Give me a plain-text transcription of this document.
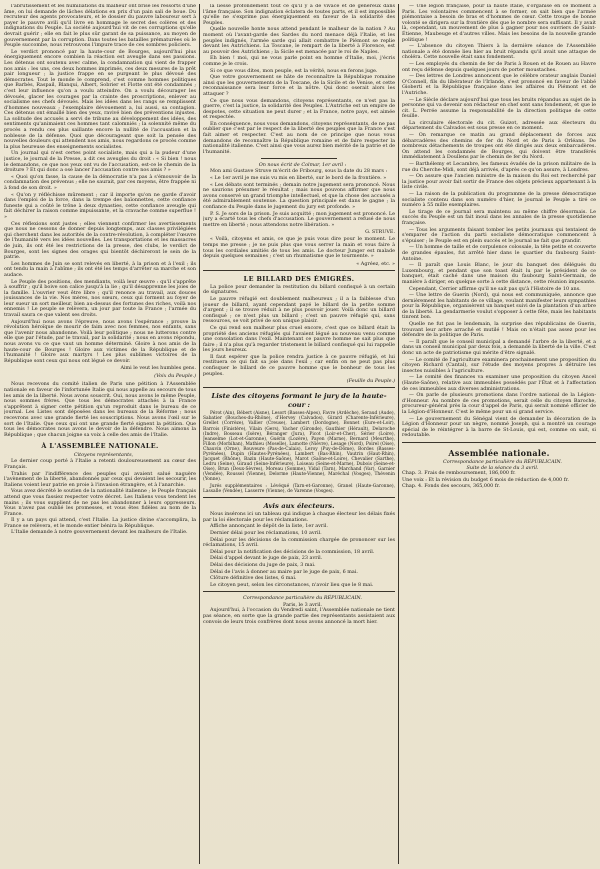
l'abrutissement et les humiliations du malheur ont brisé les ressorts d'une âme, on lui demande de lâches délations en prix d'un pain sali de boue. Du recruteur des agents provocateurs, et le dossier du pauvre laboureur sert à payer le pauvre avili qu'il livre en hommage le secret des colères et des indignations du Peuple. La société aujourd'hui vit de ces corruptions qu'elle devrait guérir ; elle en fait le plus sûr garant de sa puissance, au moyen de gouvernement par la corruption. Dans toutes les batailles prématurées où le Peuple succombe, nous retrouvons l'impure trace de ces sombres policiers.

Le verdict prononcé par la haute-cour de Bourges, aujourd'hui plus énergiquement encore combien la réaction est aveugle dans ses passions. Les détenus ont soutenu avec calme, la condamnation qui vient de frapper nos amis : les uns, ces deux hommes imprimés, ces deux mesures de la prêt pair longueur ; la justice frappe en se purgeant le plus dévoué des démocrates. Tout le monde le comprend, c'est comme hommes politiques que Barbès, Raspail, Blanqui, Albert, Sobrier et Flotte ont été condamnés ; c'est leur influence qu'on a voulu atteindre. On a voulu décourager les dévoués, glacer les courages par la crainte des proscriptions, enlever au socialisme ses chefs dévoués. Mais les idées dans les rangs se remplissent d'hommes nouveaux ; l'exemplaire dévouement a, lui aussi, sa contagion. Ces détenus ont émaillé bien des yeux, ravivé bien des préventions injustes. La solitude des accusés a servi de tribune au développement des idées, des sentiments qu'animaient ces hommes tant calomniés ; la solennité même du procès a rendu ces plus saillante encore la nullité de l'accusation et la noblesse de la défense. Quoi que décourageant que soit la pensée des nouvelles douleurs qui attendent nos amis, nous regardons ce procès comme la plus heureuse des enseignements socialistes.

Un journal qui n'est certes point socialiste, mais qui a la pudeur d'une justice, le journal de la Presse, a dit ces aveugles du droit : « Si bien ! nous le demandons, ce que nos yeux ont vu de l'accusation, est-ce le chemin de la droiture ? Et qui donc a osé lancer l'accusation contre nos amis ? »

« Quoi qu'on fasse, la cause de la démocratie n'a pas à s'émouvoir de la condamnation des prévenus ; elle ne saurait, par ces moyens, être frappée ni à fond de son droit. »

« Qu'on y réfléchisse mûrement ; car il importe qu'on ne garde d'avoir dans l'emploi de la force, dans la trempe des baïonnettes, cette confiance funeste qui a coûté le trône à deux dynasties, cette confiance aveugle qui fait déchirer la raison comme impuissante, et la cravache comme superflue ! »

Ces réflexions sont justes ; elles viennent confirmer les avertissements que nous ne cessons de donner depuis longtemps, aux classes privilégiées qui cherchent dans les autorités de la contre-révolution, à compléter l'œuvre de l'humanité vers les idées nouvelles. Les transportations et les massacres de juin, ils ont été les restrictions de la presse, des clubs, le verdict de Bourges, sont les signes des orages qui bientôt déchireront le sein de la patrie.

Les hommes de Juin se sont relevés en liberté, à la prison et à l'exil ; ils ont tendu la main à l'abîme ; ils ont été les temps d'arrêter sa marche et son audace.

Le Peuple des positions, des mendiants, voilà leur œuvre : qu'il s'apprête à souffrir ; qu'il boive son calice jusqu'à la lie ; qu'il désapprenne les joies de la famille. L'ouvrier veut être libre ; qu'il renonce au travail, aux douces jouissances de la vie. Nos mères, nos sœurs, ceux qui forment au foyer de leur sueur un sort meilleur, bien au-dessus des fortunes des riches, voilà nos ennemis ! Le peuple se relèvera, un jour par toute la France ; l'armée du travail saura ce que valent ses droits.

Aujourd'hui nous avons l'épreuve, nous avons l'espérance ; prouve la révolution héroïque de mourir de faim avec nos femmes, nos enfants, sans que l'avenir nous abandonne. Voilà leur politique ; nous ne lutterons contre elle que par l'étude, par le travail, par la solidarité ; nous en avons répondu, nous avons vu ce que vaut un homme déterminé. Gloire à nos amis de la haute-cour de Bourges ! Gloire aux victimes de la République et de l'humanité ! Gloire aux martyrs ! Les plus sublimes victoires de la République sont ceux qui nous ont légué ce devoir.

Aimi le veut les humbles gens.

(Voix du Peuple.)

Nous recevons du comité italien de Paris une pétition à l'Assemblée nationale en faveur de l'infortunée Italie qui nous appelle au secours de tous les amis de la liberté. Nous avons souscrit. Oui, nous avons le même Peuple, nous sommes frères. Que tous les démocrates attachés à la France s'apprêtent à signer cette pétition qu'un reproduit dans le bureau de ce journal. Les Listes sont déposées dans les bureaux de la Réforme ; nous recevrons avec une grande fierté les souscriptions. Nous avons l'œil sur le sort de l'Italie. Que ceux qui ont une grande fierté signent la pétition. Que tous les démocrates nous avons le devoir de la défendre. Nous aimons la République ; que chacun joigne sa voix à celle des amis de l'Italie.

À L'ASSEMBLÉE NATIONALE.

Citoyens représentants,

Le dernier coup porté à l'Italie a retenti douloureusement au cœur des Français.

Trahis par l'indifférence des peuples qui avaient salué naguère l'avènement de la liberté, abandonnés par ceux qui devaient les secourir, les Italiens voient leur patrie en proie à l'invasion étrangère, et à l'anarchie.

Vous avez décrété le soutien de la nationalité italienne ; le Peuple français attend que vous fassiez respecter votre décret. Les Italiens vous tendent les mains ; ils vous supplient de ne pas les abandonner à leurs oppresseurs. Vous n'avez pas oublié les promesses, et vous êtes fidèles au nom de la France.

Il y a un pays qui attend, c'est l'Italie. La justice divine s'accomplira, la France se relèvera, et le monde entier bénira la République.

L'Italie demande à notre gouvernement devant les malheurs de l'Italie.

la liesse profondément tout ce qu'il y a de vivace et de généreux dans l'âme française. Son indignation éclatera de toutes parts, et il est impossible qu'elle ne s'exprime pas énergiquement en faveur de la solidarité des Peuples.

Quelle nouvelle honte nous attend pendant le malheur de la nation ? Au moment où l'avant-garde des Sardes du nord menace déjà l'Italie, et les peuples indignés, l'armée sarde qui allait combattre le Piémont se replie devant les Autrichiens. La Toscane, le rempart de la liberté à Florence, est au pouvoir des Autrichiens ; la Sicile est menacée par le roi de Naples.

Eh bien ! moi, qui ne vous parle point en homme d'Italie, moi, j'écris comme je le crois.

Si ce que vous dites, mon peuple, est la vérité, nous en ferons juge.

Que votre gouvernement se hâte de reconnaître la République romaine ainsi que les gouvernements de la Toscane, de la Sicile et de Venise, et cette reconnaissance sera leur force et la nôtre. Qui donc oserait alors les attaquer ?

Ce que nous vous demandons, citoyens représentants, ce n'est pas la guerre, c'est la justice, la solidarité des Peuples. L'Autriche est un empire de despotes, cette situation ne peut durer ; et la France, notre pays, est aimée et respectée.

En conséquence, nous vous demandons, citoyens représentants, de ne pas oublier que c'est par le respect de la liberté des peuples que la France s'est fait aimer et respecter. C'est au nom de ce principe que nous vous demandons de reconnaître la République romaine et de faire respecter la nationalité italienne. C'est ainsi que vous aurez bien mérité de la patrie et de l'humanité.

On nous écrit de Colmar, 1er avril :

Mon ami Gustave Struve m'écrit de Fribourg, sous la date du 28 mars :

« Le 1er avril je me suis vu mis en liberté, sur le bord de la frontière. »

« Les débats sont terminés ; demain notre jugement sera prononcé. Nous ne saurions présumer le résultat ; mais nous pouvons affirmer que nous avons conservé un grand triomphe intellectuel, et que la chose des accusés a été admirablement soutenue. La question principale est dans le gagne ; la confiance du Peuple dans le jugement du jury est profonde. »

P. S. Je sors de la prison. Je suis acquitté ; mon jugement est prononcé. Le jury a écarté tous les chefs d'accusation. Le gouvernement a refusé de nous mettre en liberté ; nous attendons notre libération. »

G. STRUVE.

« Voilà, citoyens et amis, ce que je puis vous dire pour le moment. Le temps me presse ; je ne puis plus que vous serrer la main et vous faire à tous les cordiales amitiés de tous les amis. Le docteur Junger est malade depuis quelques semaines ; c'est un rhumatisme que le tourmente. »

« Agréez, etc. »

LE BILLARD DES ÉMIGRÉS.

La police pour demander la restitution du billard confisqué à un certain de signatures.

Le pauvre réfugié est doublement malheureux ; il a la faiblesse d'un joueur de billard, ayant cependant payé le billard de la petite somme d'argent ; il se trouve réduit à ne plus pouvoir jouer. Voilà donc un billard confisqué ; ce n'est plus un billard ; c'est un pauvre réfugié qui, sans ressources, se voit privé de son unique plaisir.

Ce qui rend son malheur plus cruel encore, c'est que ce billard était la propriété des anciens réfugiés qui l'avaient légué au nouveau venu comme une consolation dans l'exil. Maintenant ce pauvre homme ne sait plus que faire ; il n'a plus qu'à regarder tristement le billard confisqué qui lui rappelle les jours heureux.

Il faut espérer que la police rendra justice à ce pauvre réfugié, et lui restituera ce qui fait sa joie dans l'exil ; car enfin on ne peut pas plus confisquer le billard de ce pauvre homme que le bonheur de tous les peuples.

(Feuille du Peuple.)

Liste des citoyens formant le jury de la haute-cour :

Pérot (Ain), Bébert (Aisne), Lesort (Basses-Alpes), Favre (Ardèche), Seraud (Aude), Sabatier (Bouches-du-Rhône), d'Hervey (Calvados), Girard (Charente-Inférieure), Grellet (Corrèze), Vallier (Creuse), Lambert (Dordogne), Bonnet (Eure-et-Loir), Barrois (Finistère), Vilain (Gers), Vacher (Gironde), Gauthier (Hérault), Delaroche (Indre), Bosseau (Isère), Béranger (Jura), Picot (Loir-et-Cher), Sérier (Loire), Jeanselme (Lot-et-Garonne), Guérin (Lozère), Payen (Marne), Bernard (Meurthe), Fillon (Morbihan), Mathieu (Moselle), Lamotte (Nièvre), Lesage (Nord), Poirel (Oise), Chauvin (Orne), Rouveure (Pas-de-Calais), Leroy (Puy-de-Dôme), Bordes (Basses-Pyrénées), Dupin (Hautes-Pyrénées), Lambert (Bas-Rhin), Vautrin (Haut-Rhin), Jacquet (Rhône), Bazin (Haute-Saône), Marot (Saône-et-Loire), Chevalier (Sarthe), Ledru (Seine), Giraud (Seine-Inférieure), Loiseau (Seine-et-Marne), Dubois (Seine-et-Oise), Brun (Deux-Sèvres), Moreau (Somme), Vidal (Tarn), Marchand (Var), Garnier (Vendée), Roussel (Vienne), Delorme (Haute-Vienne), Maréchal (Vosges), Thévenin (Yonne).

Jurés supplémentaires : Lévéqué (Tarn-et-Garonne), Granel (Haute-Garonne), Lassalle (Vendée), Lasserre (Vienne), de Varenne (Vosges).

Avis aux électeurs.

Nous insérons ici un tableau qui indique à chaque électeur les délais fixés par la loi électorale pour les réclamations.

Affiche annonçant le dépôt de la liste, 1er avril.

Dernier délai pour les réclamations, 10 avril.

Délai pour les décisions de la commission chargée de prononcer sur les réclamations, 15 avril.

Délai pour la notification des décisions de la commission, 18 avril.

Délai d'appel devant le juge de paix, 23 avril.

Délai des décisions du juge de paix, 3 mai.

Délai de l'avis à donner au maire par le juge de paix, 6 mai.

Clôture définitive des listes, 6 mai.

Le citoyen peut, selon les circonstances, n'avoir lieu que le 8 mai.

Correspondance particulière du RÉPUBLICAIN.

Paris, le 3 avril.

Aujourd'hui, à l'occasion du Vendredi saint, l'Assemblée nationale ne tient pas séance, en sorte que la grande partie des représentants assistaient aux convois de leurs trois confrères dont nous avons annoncé la mort hier.

— Une légion française, pour la haute Italie, s'organise en ce moment à Paris. Les volontaires commencent à se former, on sait bien que l'armée piémontaise a besoin de bras et d'hommes de cœur. Cette troupe de bonne volonté se dirigera sur la frontière dès que le nombre sera suffisant. Il y avait là, cependant, un mouvement de plus à gagner pour nos ouvriers de Saint-Étienne, Maubeuge et d'autres villes. Mais les besoins de la nouvelle grande politique !

— L'absence du citoyen Thiers à la dernière séance de l'Assemblée nationale a été donnée lieu hier au bruit répandu qu'il avait une attaque de choléra. Cette nouvelle était sans fondement.

— Les employés du chemin de fer de Paris à Rouen et de Rouen au Havre ont reçu défense depuis quelques jours de porter moustaches.

— Des lettres de Londres annoncent que le célèbre orateur anglais Daniel O'Connell, fils du libérateur de l'Irlande, s'est prononcé en faveur de l'abbé Gioberti et la République française dans les affaires du Piémont et de l'Autriche.

— Le Siècle déclare aujourd'hui que tous les bruits répandus au sujet de la personne qui va devenir son rédacteur en chef sont sans fondement, et que le cit. L. Perrée assume la responsabilité de la direction politique de cette feuille.

La circulaire électorale du cit. Guizot, adressée aux électeurs du département du Calvados est sous presse en ce moment.

— On remarque ce matin au grand déplacement de forces aux débarcadères des chemins de fer du Nord et de Paris à Orléans. De nombreux détachements de troupes ont été dirigés aux deux embarcadères. On attend les condamnés de Bourges, qui doivent être transférés immédiatement à Doullens par le chemin de fer du Nord.

— Barthélemy et Lecambre, les fameux évadés de la prison militaire de la rue du Cherche-Midi, sont déjà arrivés, d'après ce qu'on assure, à Londres.

— On assure que l'ancien ministre de la maison du Roi est recherché par la justice pour avoir fait sortir de France des objets précieux appartenant à la liste civile.

— La raison de la publication du programme de la presse démocratique socialiste contenu dans son numéro d'hier, le journal le Peuple a tiré ce numéro à 55 mille exemplaires.

Le tirage de ce journal sera maintenu au même chiffre désormais. Le succès du Peuple est un fait inouï dans les annales de la presse quotidienne française.

— Tous les arguments faisant tomber les petits journaux qui tentaient de s'emparer de l'action du parti socialiste démocratique commencent à s'épuiser ; le Peuple est en plein succès et le journal ne fait que grandir.

— Un homme de taille et de corpulence colossale, la tête petite et couverte de grandes épaules, fut arrêté hier dans le quartier du faubourg Saint-Antoine.

— Il paraît que Louis Blanc, le jour du banquet des délégués du Luxembourg, et pendant que son toast était lu par le président de ce banquet, était caché dans une maison du faubourg Saint-Germain, de manière à diriger, en quelque sorte à cette distance, cette réunion imposante.

Cependant, Cerrier affirme qu'il ne sait pas qu'à l'Histoire de 10 ans.

— Une lettre de Guerin (Nord), qui nous est communiquée, annonce que dernièrement les habitants de ce village, voulant manifester leurs sympathies pour la République, organisèrent un banquet suivi de la plantation d'un arbre de la liberté. La gendarmerie voulut s'opposer à cette fête, mais les habitants tinrent bon.

Quelle ne fut pas le lendemain, la surprise des républicains de Guerin, trouvant leur arbre arraché et mutilé ! Mais on n'était pas assez pour les défendre de la politique de Paris.

— Il paraît que le conseil municipal a demandé l'arbre de la liberté, et a dans un conseil municipal par deux fois, a demandé la liberté de la ville. C'est donc un acte de patriotisme qui mérite d'être signalé.

— Le comité de l'agriculture examinera prochainement une proposition du citoyen Richard (Cantal), sur l'étude des moyens propres à détruire les insectes nuisibles à l'agriculture.

— Le comité des finances va examiner une proposition du citoyen Ancel (Haute-Saône), relative aux immeubles possédés par l'État et à l'affectation de ces immeubles aux diverses administrations.

— On parle de plusieurs promotions dans l'ordre national de la Légion-d'Honneur. Au nombre de ces promotions, serait celle du citoyen Baroche, procureur-général près la cour d'appel de Paris, qui serait nommé officier de la Légion-d'Honneur. C'est le même pour un si grand service.

— Le gouvernement du Sénégal vient de demander la décoration de la Légion d'Honneur pour un nègre, nommé Joseph, qui a montré un courage spécial de le réintégrer à la barre de St-Louis, qui est, comme on sait, si redoutable.

Assemblée nationale.

Correspondance particulière du RÉPUBLICAIN.

Suite de la séance du 3 avril.

Chap. 3. Frais de remboursement, 186,000 fr.

Une voix : Et la révision du budget 6 mois de réduction de 4,000 fr.

Chap. 4. Fonds des secours, 365,000 fr.
